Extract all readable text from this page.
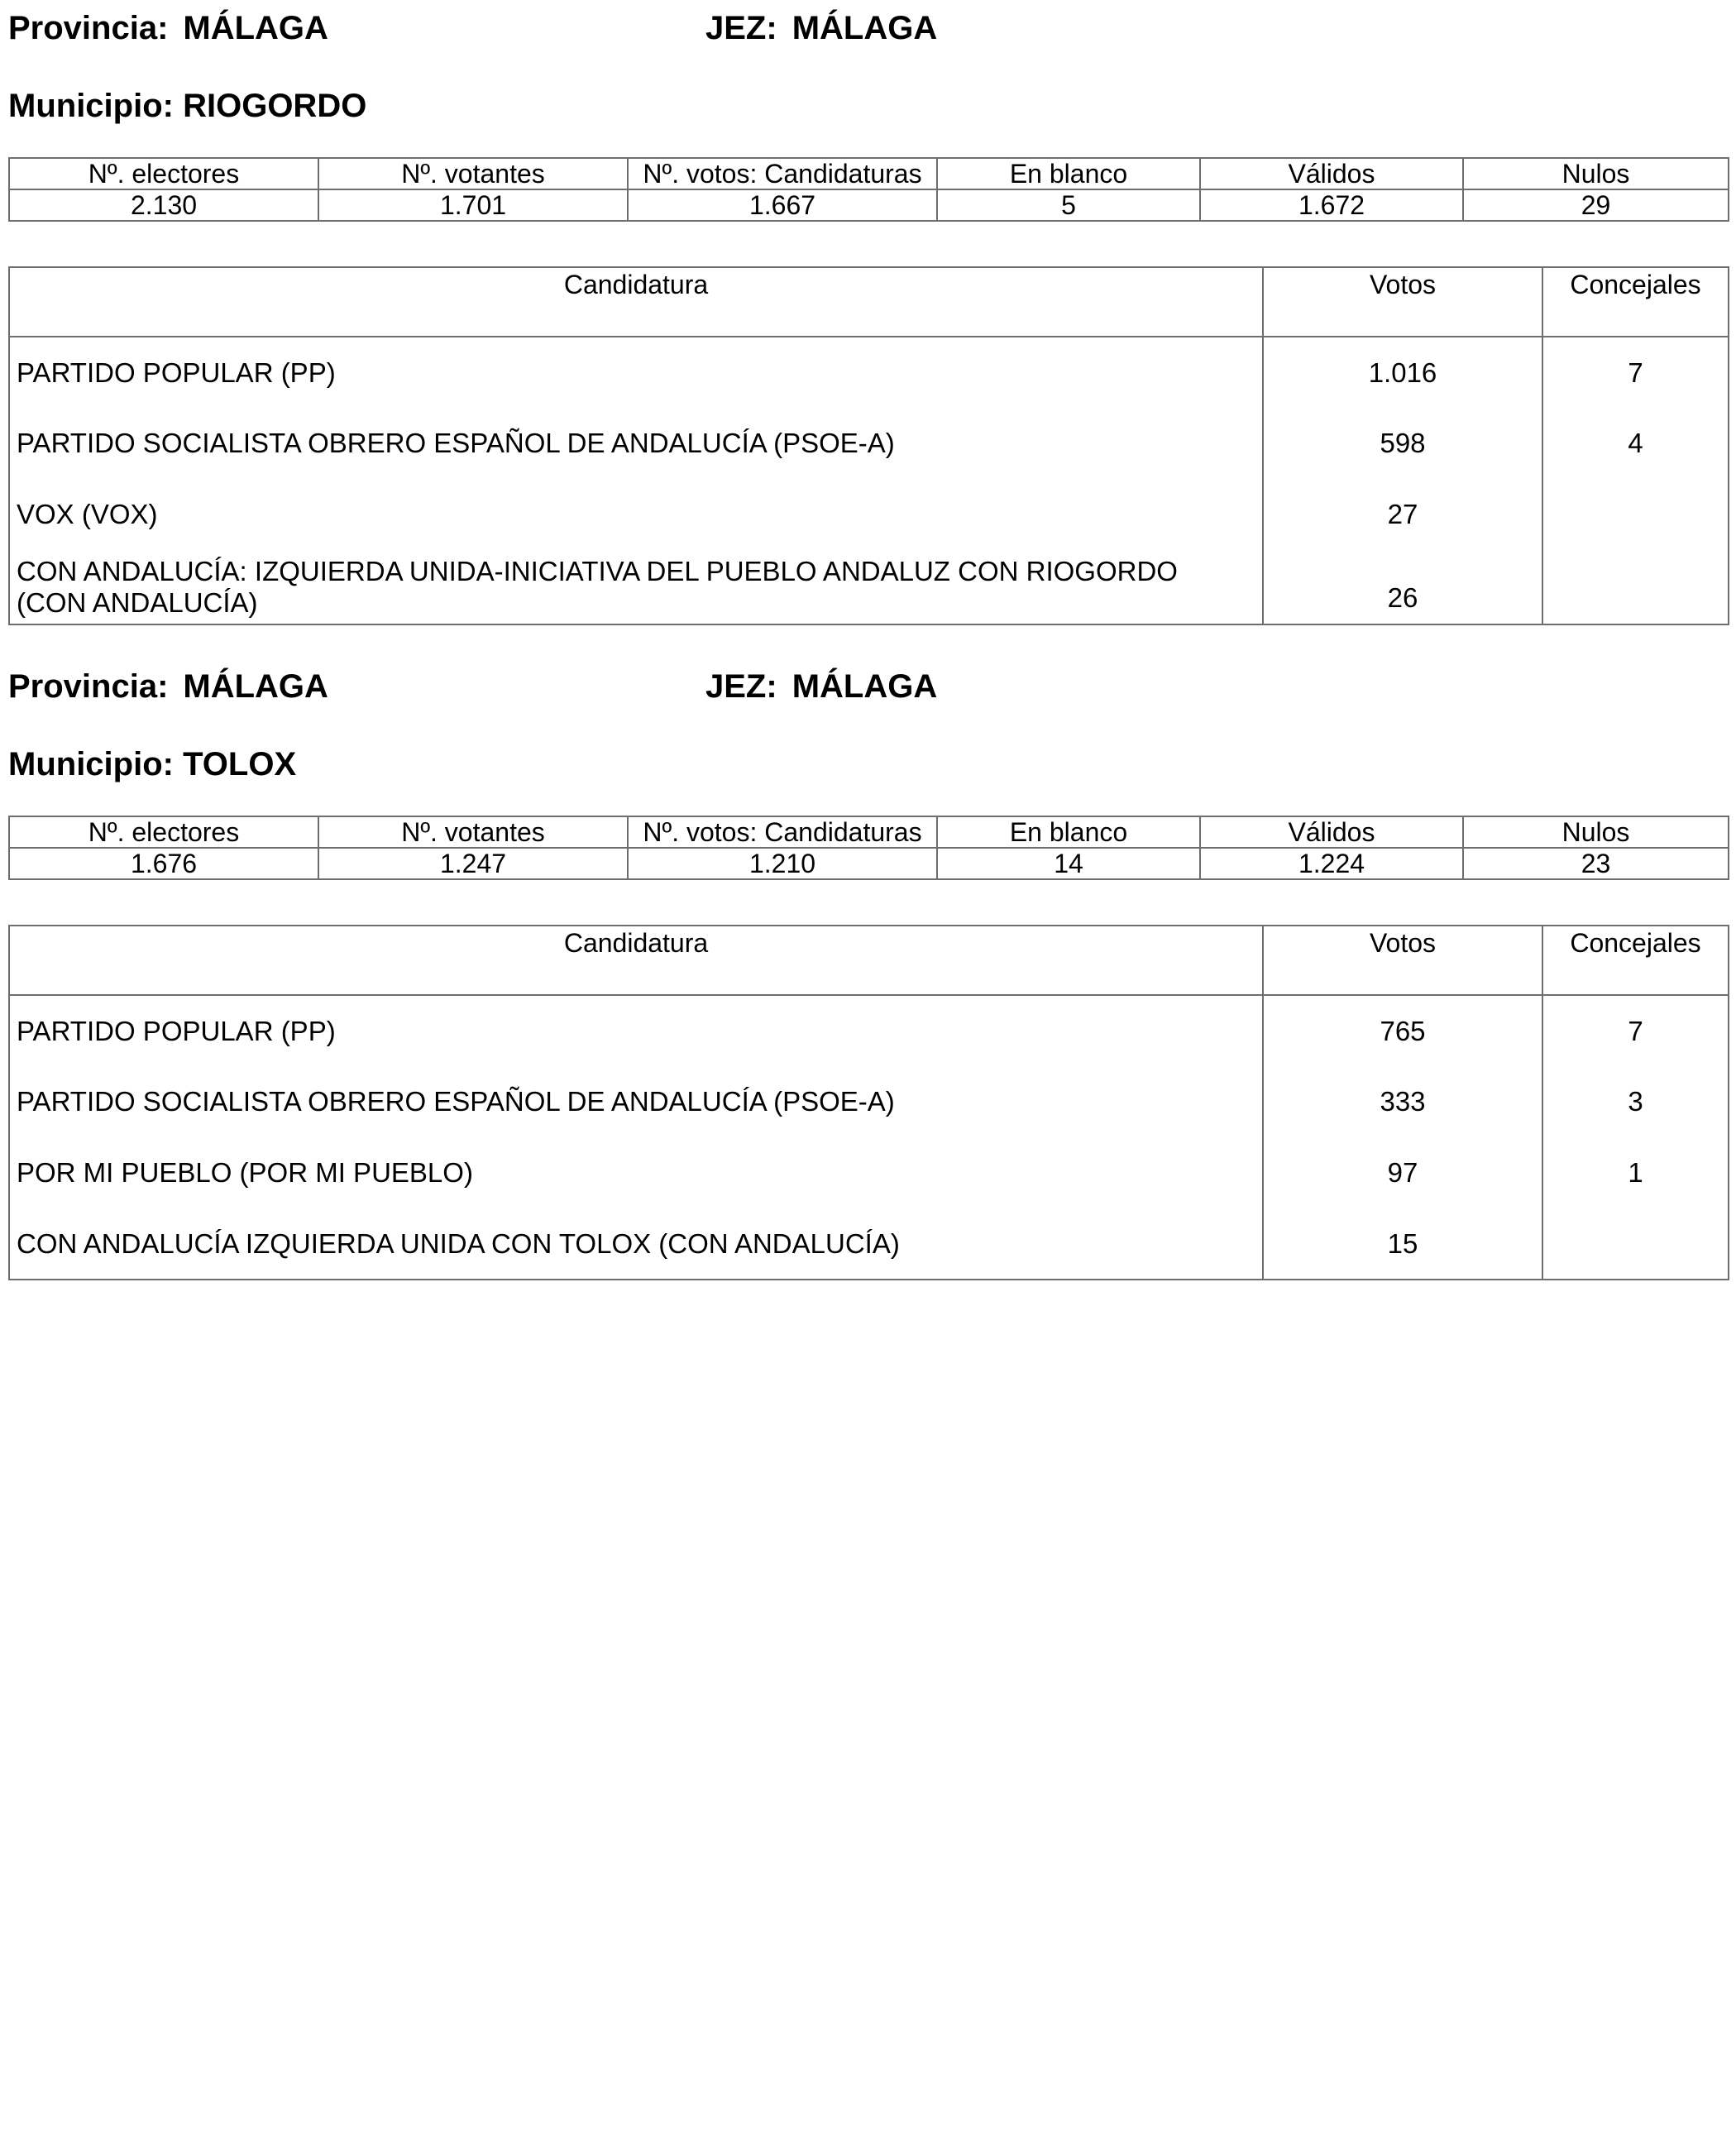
Provincia: MÁLAGA	JEZ: MÁLAGA
Municipio: RIOGORDO
Nº. electores	Nº. votantes	Nº. votos: Candidaturas	En blanco	Válidos	Nulos
2.130	1.701	1.667	5	1.672	29
Candidatura	Votos	Concejales
PARTIDO POPULAR (PP)	1.016	7
PARTIDO SOCIALISTA OBRERO ESPAÑOL DE ANDALUCÍA (PSOE-A)	598	4
VOX (VOX)	27	
CON ANDALUCÍA: IZQUIERDA UNIDA-INICIATIVA DEL PUEBLO ANDALUZ CON RIOGORDO (CON ANDALUCÍA)	26	
Provincia: MÁLAGA	JEZ: MÁLAGA
Municipio: TOLOX
Nº. electores	Nº. votantes	Nº. votos: Candidaturas	En blanco	Válidos	Nulos
1.676	1.247	1.210	14	1.224	23
Candidatura	Votos	Concejales
PARTIDO POPULAR (PP)	765	7
PARTIDO SOCIALISTA OBRERO ESPAÑOL DE ANDALUCÍA (PSOE-A)	333	3
POR MI PUEBLO (POR MI PUEBLO)	97	1
CON ANDALUCÍA IZQUIERDA UNIDA CON TOLOX (CON ANDALUCÍA)	15	
